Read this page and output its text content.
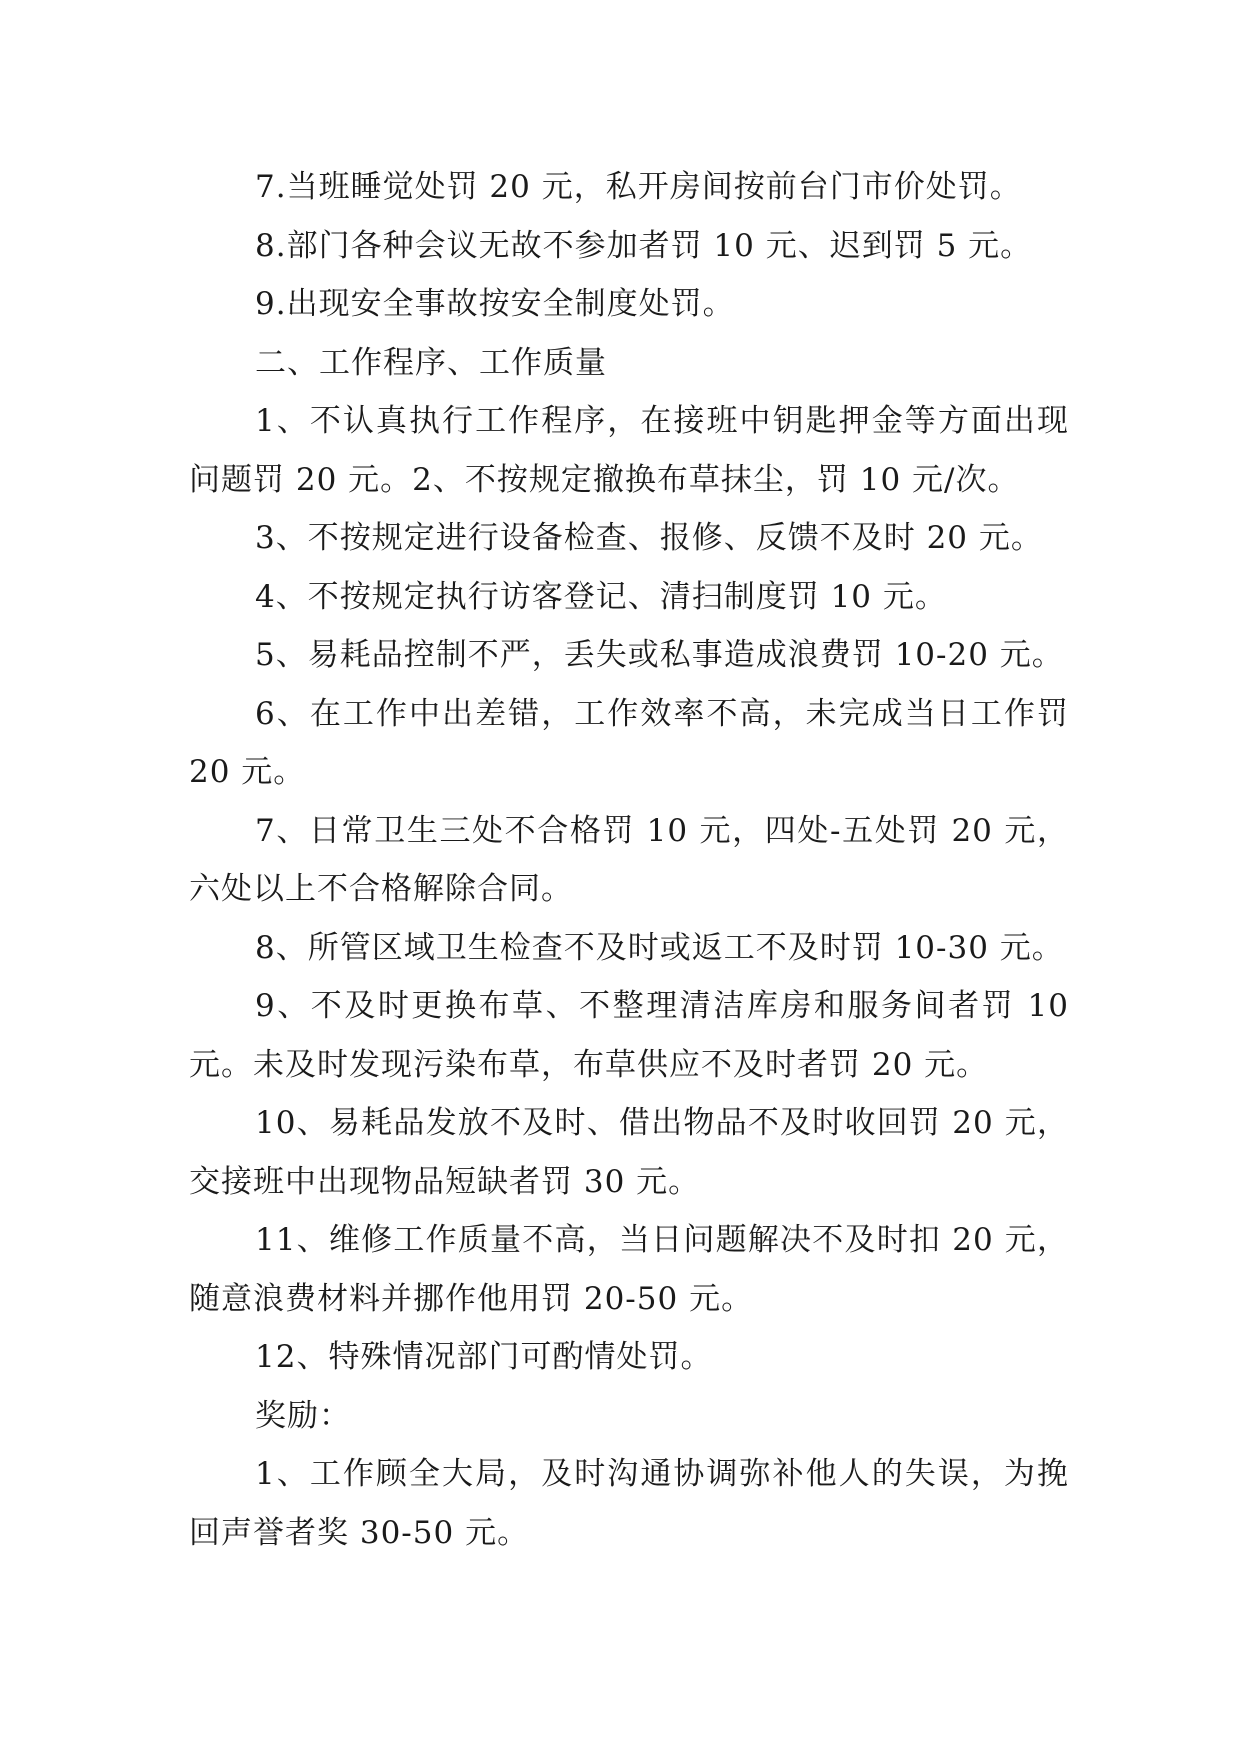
7.当班睡觉处罚 20 元，私开房间按前台门市价处罚。

8.部门各种会议无故不参加者罚 10 元、迟到罚 5 元。

9.出现安全事故按安全制度处罚。

二、工作程序、工作质量

1、不认真执行工作程序，在接班中钥匙押金等方面出现问题罚 20 元。2、不按规定撤换布草抹尘，罚 10 元/次。

3、不按规定进行设备检查、报修、反馈不及时 20 元。

4、不按规定执行访客登记、清扫制度罚 10 元。

5、易耗品控制不严，丢失或私事造成浪费罚 10-20 元。

6、在工作中出差错，工作效率不高，未完成当日工作罚 20 元。

7、日常卫生三处不合格罚 10 元，四处-五处罚 20 元，六处以上不合格解除合同。

8、所管区域卫生检查不及时或返工不及时罚 10-30 元。

9、不及时更换布草、不整理清洁库房和服务间者罚 10 元。未及时发现污染布草，布草供应不及时者罚 20 元。

10、易耗品发放不及时、借出物品不及时收回罚 20 元，交接班中出现物品短缺者罚 30 元。

11、维修工作质量不高，当日问题解决不及时扣 20 元，随意浪费材料并挪作他用罚 20-50 元。

12、特殊情况部门可酌情处罚。

奖励：

1、工作顾全大局，及时沟通协调弥补他人的失误，为挽回声誉者奖 30-50 元。
